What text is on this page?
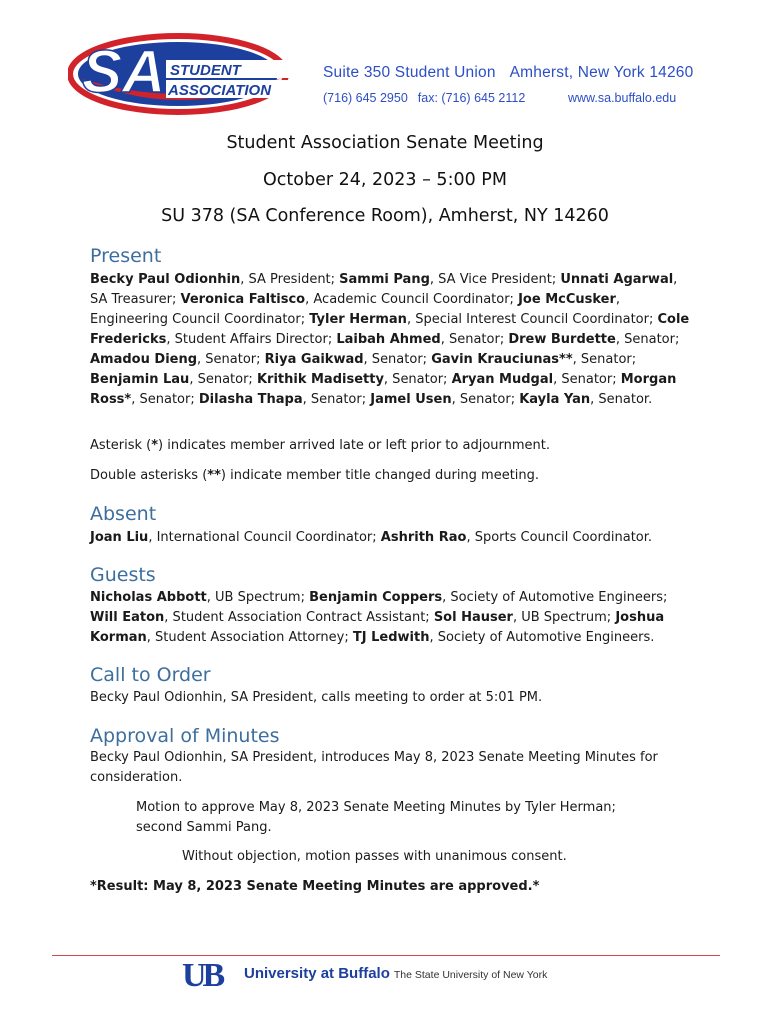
SA STUDENT
ASSOCIATION
Suite 350 Student Union Amherst, New York 14260
(716) 645 2950 fax: (716) 645 2112	www.sa.buffalo.edu
Student Association Senate Meeting
October 24, 2023 – 5:00 PM
SU 378 (SA Conference Room), Amherst, NY 14260
Present
Becky Paul Odionhin, SA President; Sammi Pang, SA Vice President; Unnati Agarwal, SA Treasurer; Veronica Faltisco, Academic Council Coordinator; Joe McCusker, Engineering Council Coordinator; Tyler Herman, Special Interest Council Coordinator; Cole Fredericks, Student Affairs Director; Laibah Ahmed, Senator; Drew Burdette, Senator; Amadou Dieng, Senator; Riya Gaikwad, Senator; Gavin Krauciunas**, Senator; Benjamin Lau, Senator; Krithik Madisetty, Senator; Aryan Mudgal, Senator; Morgan Ross*, Senator; Dilasha Thapa, Senator; Jamel Usen, Senator; Kayla Yan, Senator.
Asterisk (*) indicates member arrived late or left prior to adjournment.
Double asterisks (**) indicate member title changed during meeting.
Absent
Joan Liu, International Council Coordinator; Ashrith Rao, Sports Council Coordinator.
Guests
Nicholas Abbott, UB Spectrum; Benjamin Coppers, Society of Automotive Engineers; Will Eaton, Student Association Contract Assistant; Sol Hauser, UB Spectrum; Joshua Korman, Student Association Attorney; TJ Ledwith, Society of Automotive Engineers.
Call to Order
Becky Paul Odionhin, SA President, calls meeting to order at 5:01 PM.
Approval of Minutes
Becky Paul Odionhin, SA President, introduces May 8, 2023 Senate Meeting Minutes for consideration.
Motion to approve May 8, 2023 Senate Meeting Minutes by Tyler Herman; second Sammi Pang.
Without objection, motion passes with unanimous consent.
*Result: May 8, 2023 Senate Meeting Minutes are approved.*
UB University at Buffalo The State University of New York
